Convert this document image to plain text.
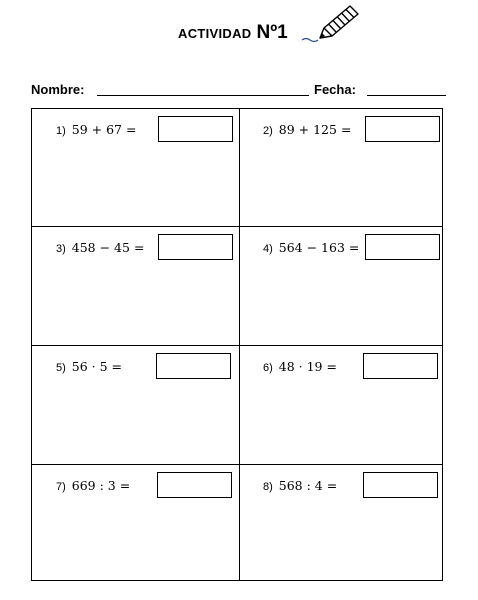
ACTIVIDAD Nº1
Nombre:	Fecha:
1) 59 + 67 =	2) 89 + 125 =
3) 458 − 45 =	4) 564 − 163 =
5) 56 · 5 =	6) 48 · 19 =
7) 669 : 3 =	8) 568 : 4 =
